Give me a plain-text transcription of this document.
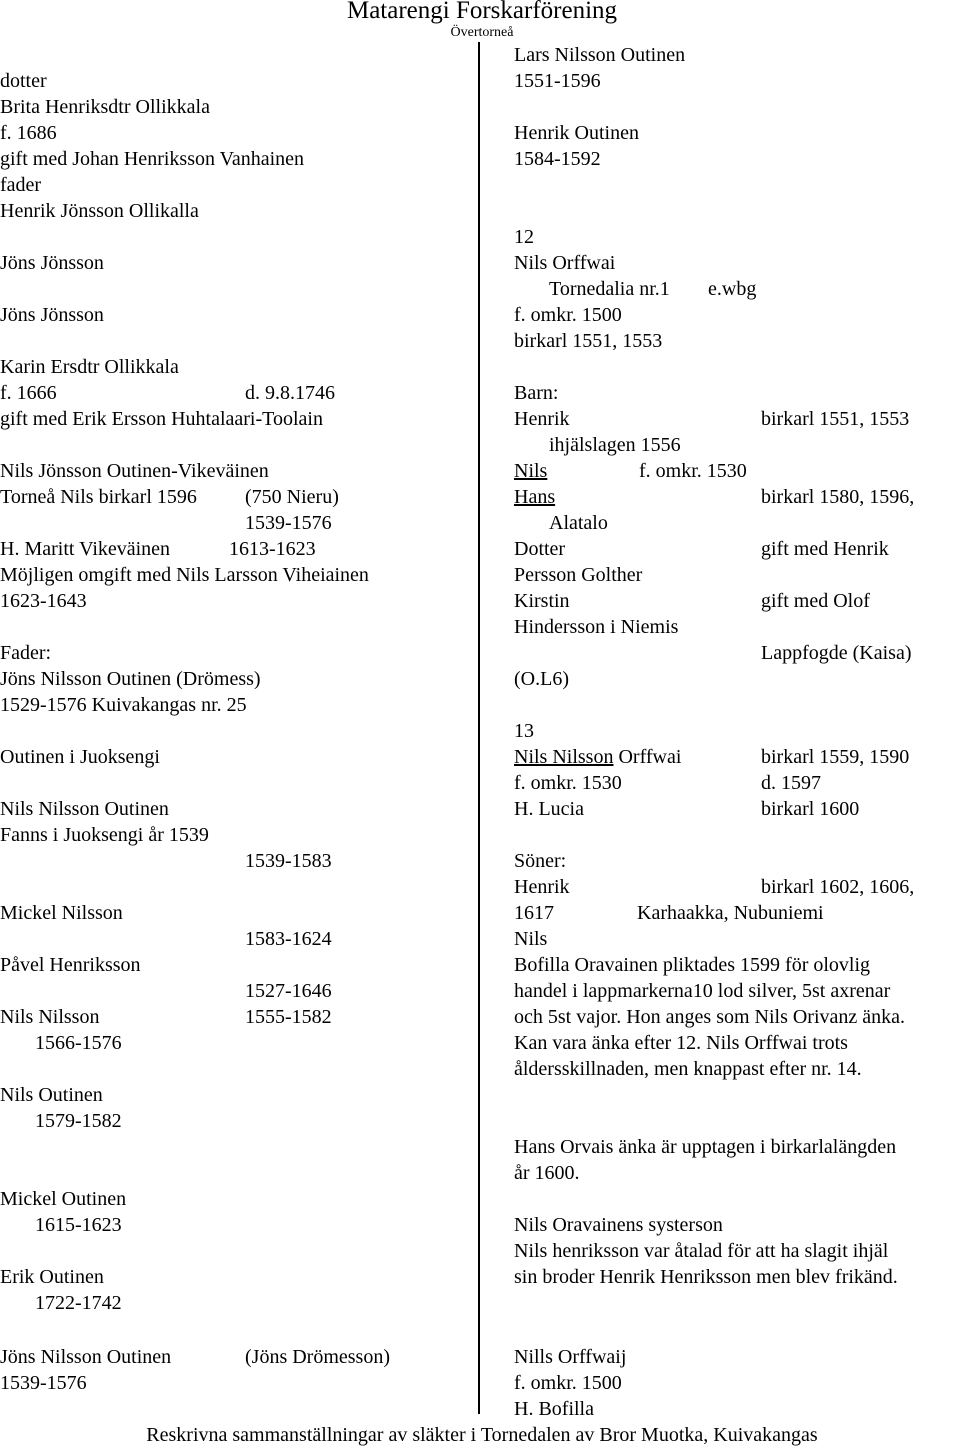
Matarengi Forskarförening
Övertorneå
dotter
Brita Henriksdtr Ollikkala
f. 1686
gift med Johan Henriksson Vanhainen
fader
Henrik Jönsson Ollikalla
Jöns Jönsson
Jöns Jönsson
Karin Ersdtr Ollikkala
f. 1666	d. 9.8.1746
gift med Erik Ersson Huhtalaari-Toolain
Nils Jönsson Outinen-Vikeväinen
Torneå Nils birkarl 1596 (750 Nieru)
1539-1576
H. Maritt Vikeväinen	1613-1623
Möjligen omgift med Nils Larsson Viheiainen
1623-1643
Fader:
Jöns Nilsson Outinen (Drömess)
1529-1576 Kuivakangas nr. 25
Outinen i Juoksengi
Nils Nilsson Outinen
Fanns i Juoksengi år 1539
1539-1583
Mickel Nilsson
1583-1624
Påvel Henriksson
1527-1646
Nils Nilsson	1555-1582
1566-1576
Nils Outinen
1579-1582
Mickel Outinen
1615-1623
Erik Outinen
1722-1742
Jöns Nilsson Outinen	(Jöns Drömesson)
1539-1576
Lars Nilsson Outinen
1551-1596
Henrik Outinen
1584-1592
12
Nils Orffwai
Tornedalia nr.1 e.wbg
f. omkr. 1500
birkarl 1551, 1553
Barn:
Henrik	birkarl 1551, 1553
ihjälslagen 1556
Nils	f. omkr. 1530
Hans	birkarl 1580, 1596,
Alatalo
Dotter	gift med Henrik
Persson Golther
Kirstin	gift med Olof
Hindersson i Niemis
Lappfogde (Kaisa)
(O.L6)
13
Nils Nilsson Orffwai	birkarl 1559, 1590
f. omkr. 1530	d. 1597
H. Lucia	birkarl 1600
Söner:
Henrik	birkarl 1602, 1606,
1617	Karhaakka, Nubuniemi
Nils
Bofilla Oravainen pliktades 1599 för olovlig
handel i lappmarkerna10 lod silver, 5st axrenar
och 5st vajor. Hon anges som Nils Orivanz änka.
Kan vara änka efter 12. Nils Orffwai trots
åldersskillnaden, men knappast efter nr. 14.
Hans Orvais änka är upptagen i birkarlalängden
år 1600.
Nils Oravainens systerson
Nils henriksson var åtalad för att ha slagit ihjäl
sin broder Henrik Henriksson men blev frikänd.
Nills Orffwaij
f. omkr. 1500
H. Bofilla
Reskrivna sammanställningar av släkter i Tornedalen av Bror Muotka, Kuivakangas
